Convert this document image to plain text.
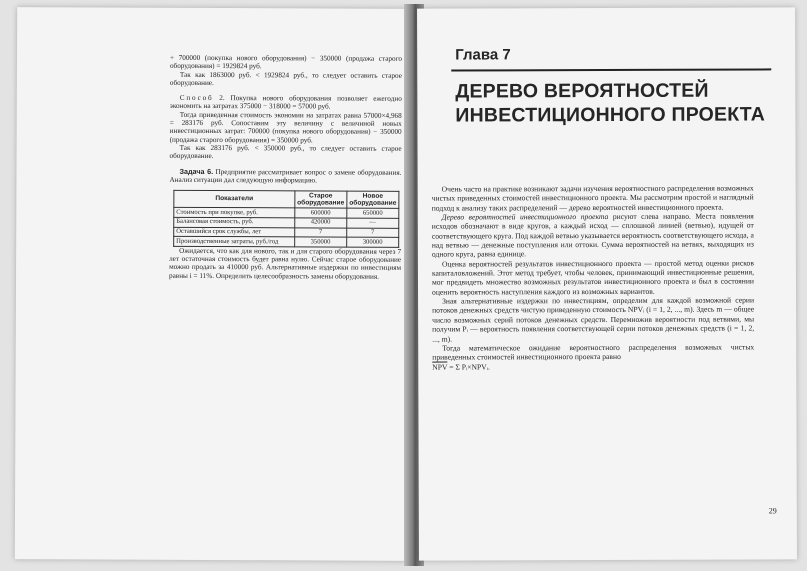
+ 700000 (покупка нового оборудования) − 350000 (продажа старого оборудования) = 1929824 руб.

Так как 1863000 руб. < 1929824 руб., то следует оставить старое оборудование.

Способ 2. Покупка нового оборудования позволяет ежегодно экономить на затратах 375000 − 318000 = 57000 руб.

Тогда приведенная стоимость экономии на затратах равна 57000×4,968 = 283176 руб. Сопоставим эту величину с величиной новых инвестиционных затрат: 700000 (покупка нового оборудования) − 350000 (продажа старого оборудования) = 350000 руб.

Так как 283176 руб. < 350000 руб., то следует оставить старое оборудование.

Задача 6. Предприятие рассматривает вопрос о замене оборудования. Анализ ситуации дал следующую информацию.

Показатели	Старое оборудование	Новое оборудование
Стоимость при покупке, руб.	600000	650000
Балансовая стоимость, руб.	420000	—
Оставшийся срок службы, лет	7	7
Производственные затраты, руб./год	350000	300000

Ожидается, что как для нового, так и для старого оборудования через 7 лет остаточная стоимость будет равна нулю. Сейчас старое оборудование можно продать за 410000 руб. Альтернативные издержки по инвестициям равны i = 11%. Определить целесообразность замены оборудования.

Глава 7
ДЕРЕВО ВЕРОЯТНОСТЕЙ
ИНВЕСТИЦИОННОГО ПРОЕКТА

Очень часто на практике возникают задачи изучения вероятностного распределения возможных чистых приведенных стоимостей инвестиционного проекта. Мы рассмотрим простой и наглядный подход к анализу таких распределений — дерево вероятностей инвестиционного проекта.

Дерево вероятностей инвестиционного проекта рисуют слева направо. Места появления исходов обозначают в виде кругов, а каждый исход — сплошной линией (ветвью), идущей от соответствующего круга. Под каждой ветвью указывается вероятность соответствующего исхода, а над ветвью — денежные поступления или оттоки. Сумма вероятностей на ветвях, выходящих из одного круга, равна единице.

Оценка вероятностей результатов инвестиционного проекта — простой метод оценки рисков капиталовложений. Этот метод требует, чтобы человек, принимающий инвестиционные решения, мог предвидеть множество возможных результатов инвестиционного проекта и был в состоянии оценить вероятность наступления каждого из возможных вариантов.

Зная альтернативные издержки по инвестициям, определим для каждой возможной серии потоков денежных средств чистую приведенную стоимость NPVᵢ (i = 1, 2, ..., m). Здесь m — общее число возможных серий потоков денежных средств. Перемножив вероятности под ветвями, мы получим Pᵢ — вероятность появления соответствующей серии потоков денежных средств (i = 1, 2, ..., m).

Тогда математическое ожидание вероятностного распределения возможных чистых приведенных стоимостей инвестиционного проекта равно

$\overline{NPV} = \Sigma$ Pᵢ×NPVᵢ.

29
